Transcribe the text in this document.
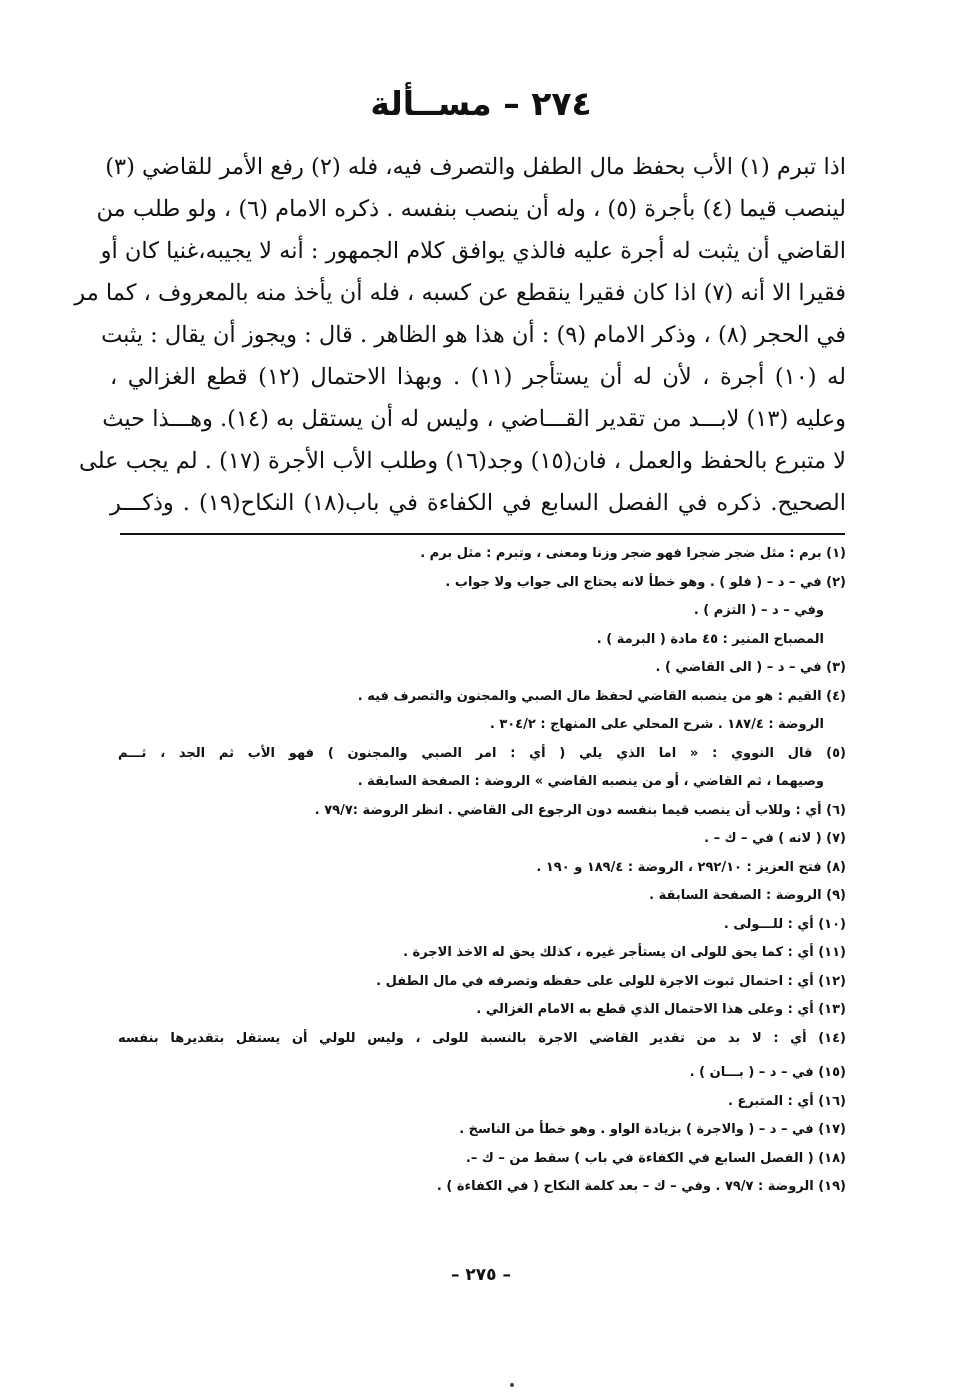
٢٧٤ – مســألة
اذا تبرم (١) الأب بحفظ مال الطفل والتصرف فيه، فله (٢) رفع الأمر للقاضي (٣)
لينصب قيما (٤) بأجرة (٥) ، وله أن ينصب بنفسه . ذكره الامام (٦) ، ولو طلب من
القاضي أن يثبت له أجرة عليه فالذي يوافق كلام الجمهور : أنه لا يجيبه،غنيا كان أو
فقيرا الا أنه (٧) اذا كان فقيرا ينقطع عن كسبه ، فله أن يأخذ منه بالمعروف ، كما مر
في الحجر (٨) ، وذكر الامام (٩) : أن هذا هو الظاهر . قال : ويجوز أن يقال : يثبت
له (١٠) أجرة ، لأن له أن يستأجر (١١) . وبهذا الاحتمال (١٢) قطع الغزالي ،
وعليه (١٣) لابـــد من تقدير القـــاضي ، وليس له أن يستقل به (١٤). وهـــذا حيث
لا متبرع بالحفظ والعمل ، فان(١٥) وجد(١٦) وطلب الأب الأجرة (١٧) . لم يجب على
الصحيح. ذكره في الفصل السابع في الكفاءة في باب(١٨) النكاح(١٩) . وذكـــر
(١) برم : مثل ضجر ضجرا فهو ضجر وزنا ومعنى ، وتبرم : مثل برم .
(٢) في – د – ( فلو ) . وهو خطأ لانه يحتاج الى جواب ولا جواب .
وفي – د – ( التزم ) .
المصباح المنير : ٤٥ مادة ( البرمة ) .
(٣) في – د – ( الى القاضي ) .
(٤) القيم : هو من ينصبه القاضي لحفظ مال الصبي والمجنون والتصرف فيه .
الروضة : ١٨٧/٤ . شرح المحلي على المنهاج : ٣٠٤/٢ .
(٥) قال النووي : « اما الذي يلي ( أي : امر الصبي والمجنون ) فهو الأب ثم الجد ، ثـــم
وصيهما ، ثم القاضي ، أو من ينصبه القاضي » الروضة : الصفحة السابقة .
(٦) أي : وللاب أن ينصب قيما بنفسه دون الرجوع الى القاضي . انظر الروضة :٧٩/٧ .
(٧) ( لانه ) في – ك – .
(٨) فتح العزيز : ٢٩٢/١٠ ، الروضة : ١٨٩/٤ و ١٩٠ .
(٩) الروضة : الصفحة السابقة .
(١٠) أي : للـــولى .
(١١) أي : كما يحق للولى ان يستأجر غيره ، كذلك يحق له الاخذ الاجرة .
(١٢) أي : احتمال ثبوت الاجرة للولى على حفظه وتصرفه في مال الطفل .
(١٣) أي : وعلى هذا الاحتمال الذي قطع به الامام الغزالي .
(١٤) أي : لا بد من تقدير القاضي الاجرة بالنسبة للولى ، وليس للولي أن يستقل بتقديرها بنفسه
(١٥) في – د – ( بـــان ) .
(١٦) أي : المتبرع .
(١٧) في – د – ( والاجرة ) بزيادة الواو . وهو خطأ من الناسخ .
(١٨) ( الفصل السابع في الكفاءة في باب ) سقط من – ك –.
(١٩) الروضة : ٧٩/٧ . وفي – ك – بعد كلمة النكاح ( في الكفاءة ) .
– ٢٧٥ –
